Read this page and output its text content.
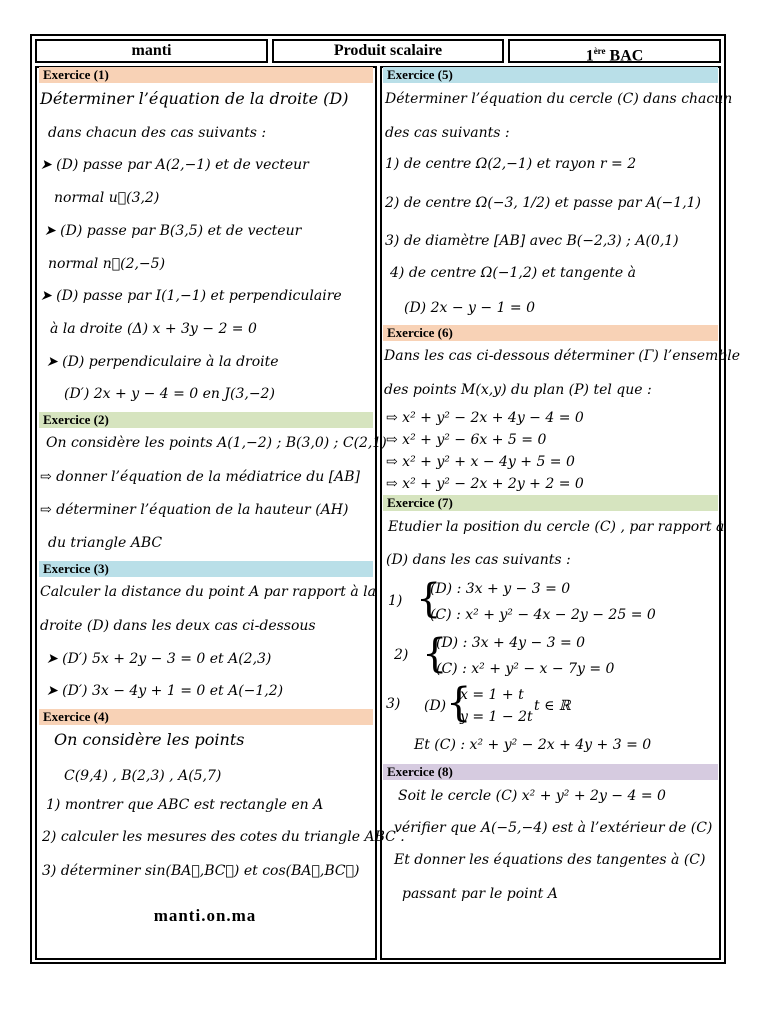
manti	Produit scalaire	1ère BAC
Exercice (1)
Déterminer l’équation de la droite (D)
dans chacun des cas suivants :
➤ (D) passe par A(2,−1) et de vecteur
normal u⃗(3,2)
➤ (D) passe par B(3,5) et de vecteur
normal n⃗(2,−5)
➤ (D) passe par I(1,−1) et perpendiculaire
à la droite (Δ) x + 3y − 2 = 0
➤ (D) perpendiculaire à la droite
(D′) 2x + y − 4 = 0 en J(3,−2)
Exercice (2)
On considère les points A(1,−2) ; B(3,0) ; C(2,1)
⇨ donner l’équation de la médiatrice du [AB]
⇨ déterminer l’équation de la hauteur (AH)
du triangle ABC
Exercice (3)
Calculer la distance du point A par rapport à la
droite (D) dans les deux cas ci-dessous
➤ (D′) 5x + 2y − 3 = 0 et A(2,3)
➤ (D′) 3x − 4y + 1 = 0 et A(−1,2)
Exercice (4)
On considère les points
C(9,4) , B(2,3) , A(5,7)
1) montrer que ABC est rectangle en A
2) calculer les mesures des cotes du triangle ABC .
3) déterminer sin(BA⃗,BC⃗) et cos(BA⃗,BC⃗)
manti.on.ma
Exercice (5)
Déterminer l’équation du cercle (C) dans chacun
des cas suivants :
1) de centre Ω(2,−1) et rayon r = 2
2) de centre Ω(−3, 1/2) et passe par A(−1,1)
3) de diamètre [AB] avec B(−2,3) ; A(0,1)
4) de centre Ω(−1,2) et tangente à
(D) 2x − y − 1 = 0
Exercice (6)
Dans les cas ci-dessous déterminer (Γ) l’ensemble
des points M(x,y) du plan (P) tel que :
⇨ x² + y² − 2x + 4y − 4 = 0
⇨ x² + y² − 6x + 5 = 0
⇨ x² + y² + x − 4y + 5 = 0
⇨ x² + y² − 2x + 2y + 2 = 0
Exercice (7)
Etudier la position du cercle (C) , par rapport à
(D) dans les cas suivants :
1) {
(D) : 3x + y − 3 = 0
(C) : x² + y² − 4x − 2y − 25 = 0
2) {
(D) : 3x + 4y − 3 = 0
(C) : x² + y² − x − 7y = 0
3) (D) {
x = 1 + t
y = 1 − 2t
t ∈ ℝ
Et (C) : x² + y² − 2x + 4y + 3 = 0
Exercice (8)
Soit le cercle (C) x² + y² + 2y − 4 = 0
vérifier que A(−5,−4) est à l’extérieur de (C)
Et donner les équations des tangentes à (C)
passant par le point A
